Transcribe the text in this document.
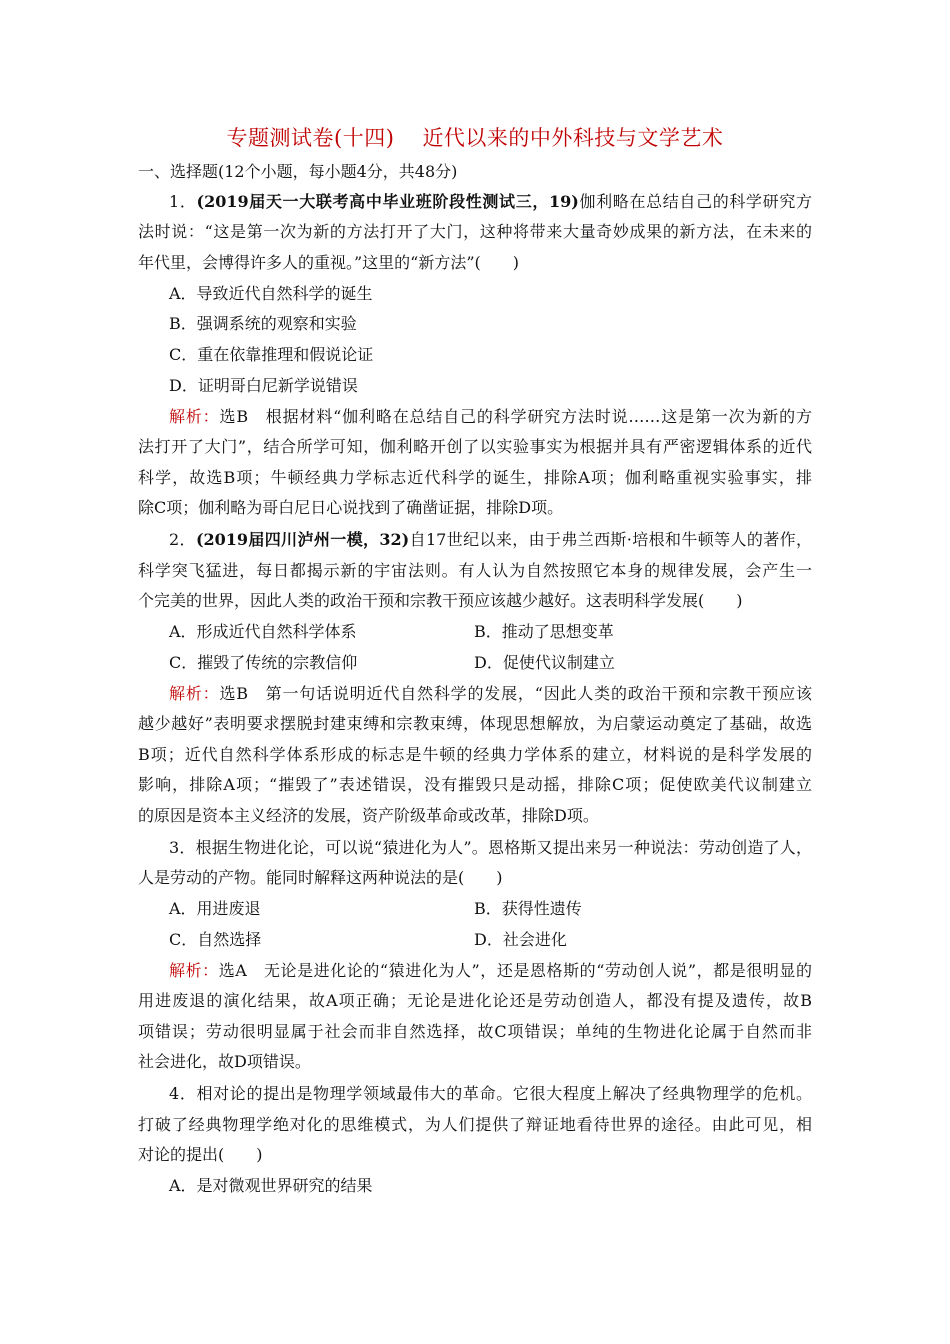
专题测试卷(十四) 近代以来的中外科技与文学艺术
一、选择题(12个小题，每小题4分，共48分)
1．(2019届天一大联考高中毕业班阶段性测试三，19)伽利略在总结自己的科学研究方
法时说：“这是第一次为新的方法打开了大门，这种将带来大量奇妙成果的新方法，在未来的
年代里，会博得许多人的重视。”这里的“新方法”(　　)
A．导致近代自然科学的诞生
B．强调系统的观察和实验
C．重在依靠推理和假说论证
D．证明哥白尼新学说错误
解析：选B　根据材料“伽利略在总结自己的科学研究方法时说……这是第一次为新的方
法打开了大门”，结合所学可知，伽利略开创了以实验事实为根据并具有严密逻辑体系的近代
科学，故选B项；牛顿经典力学标志近代科学的诞生，排除A项；伽利略重视实验事实，排
除C项；伽利略为哥白尼日心说找到了确凿证据，排除D项。
2．(2019届四川泸州一模，32)自17世纪以来，由于弗兰西斯·培根和牛顿等人的著作，
科学突飞猛进，每日都揭示新的宇宙法则。有人认为自然按照它本身的规律发展，会产生一
个完美的世界，因此人类的政治干预和宗教干预应该越少越好。这表明科学发展(　　)
A．形成近代自然科学体系	B．推动了思想变革
C．摧毁了传统的宗教信仰	D．促使代议制建立
解析：选B　第一句话说明近代自然科学的发展，“因此人类的政治干预和宗教干预应该
越少越好”表明要求摆脱封建束缚和宗教束缚，体现思想解放，为启蒙运动奠定了基础，故选
B项；近代自然科学体系形成的标志是牛顿的经典力学体系的建立，材料说的是科学发展的
影响，排除A项；“摧毁了”表述错误，没有摧毁只是动摇，排除C项；促使欧美代议制建立
的原因是资本主义经济的发展，资产阶级革命或改革，排除D项。
3．根据生物进化论，可以说“猿进化为人”。恩格斯又提出来另一种说法：劳动创造了人，
人是劳动的产物。能同时解释这两种说法的是(　　)
A．用进废退	B．获得性遗传
C．自然选择	D．社会进化
解析：选A　无论是进化论的“猿进化为人”，还是恩格斯的“劳动创人说”，都是很明显的
用进废退的演化结果，故A项正确；无论是进化论还是劳动创造人，都没有提及遗传，故B
项错误；劳动很明显属于社会而非自然选择，故C项错误；单纯的生物进化论属于自然而非
社会进化，故D项错误。
4．相对论的提出是物理学领域最伟大的革命。它很大程度上解决了经典物理学的危机。
打破了经典物理学绝对化的思维模式，为人们提供了辩证地看待世界的途径。由此可见，相
对论的提出(　　)
A．是对微观世界研究的结果
